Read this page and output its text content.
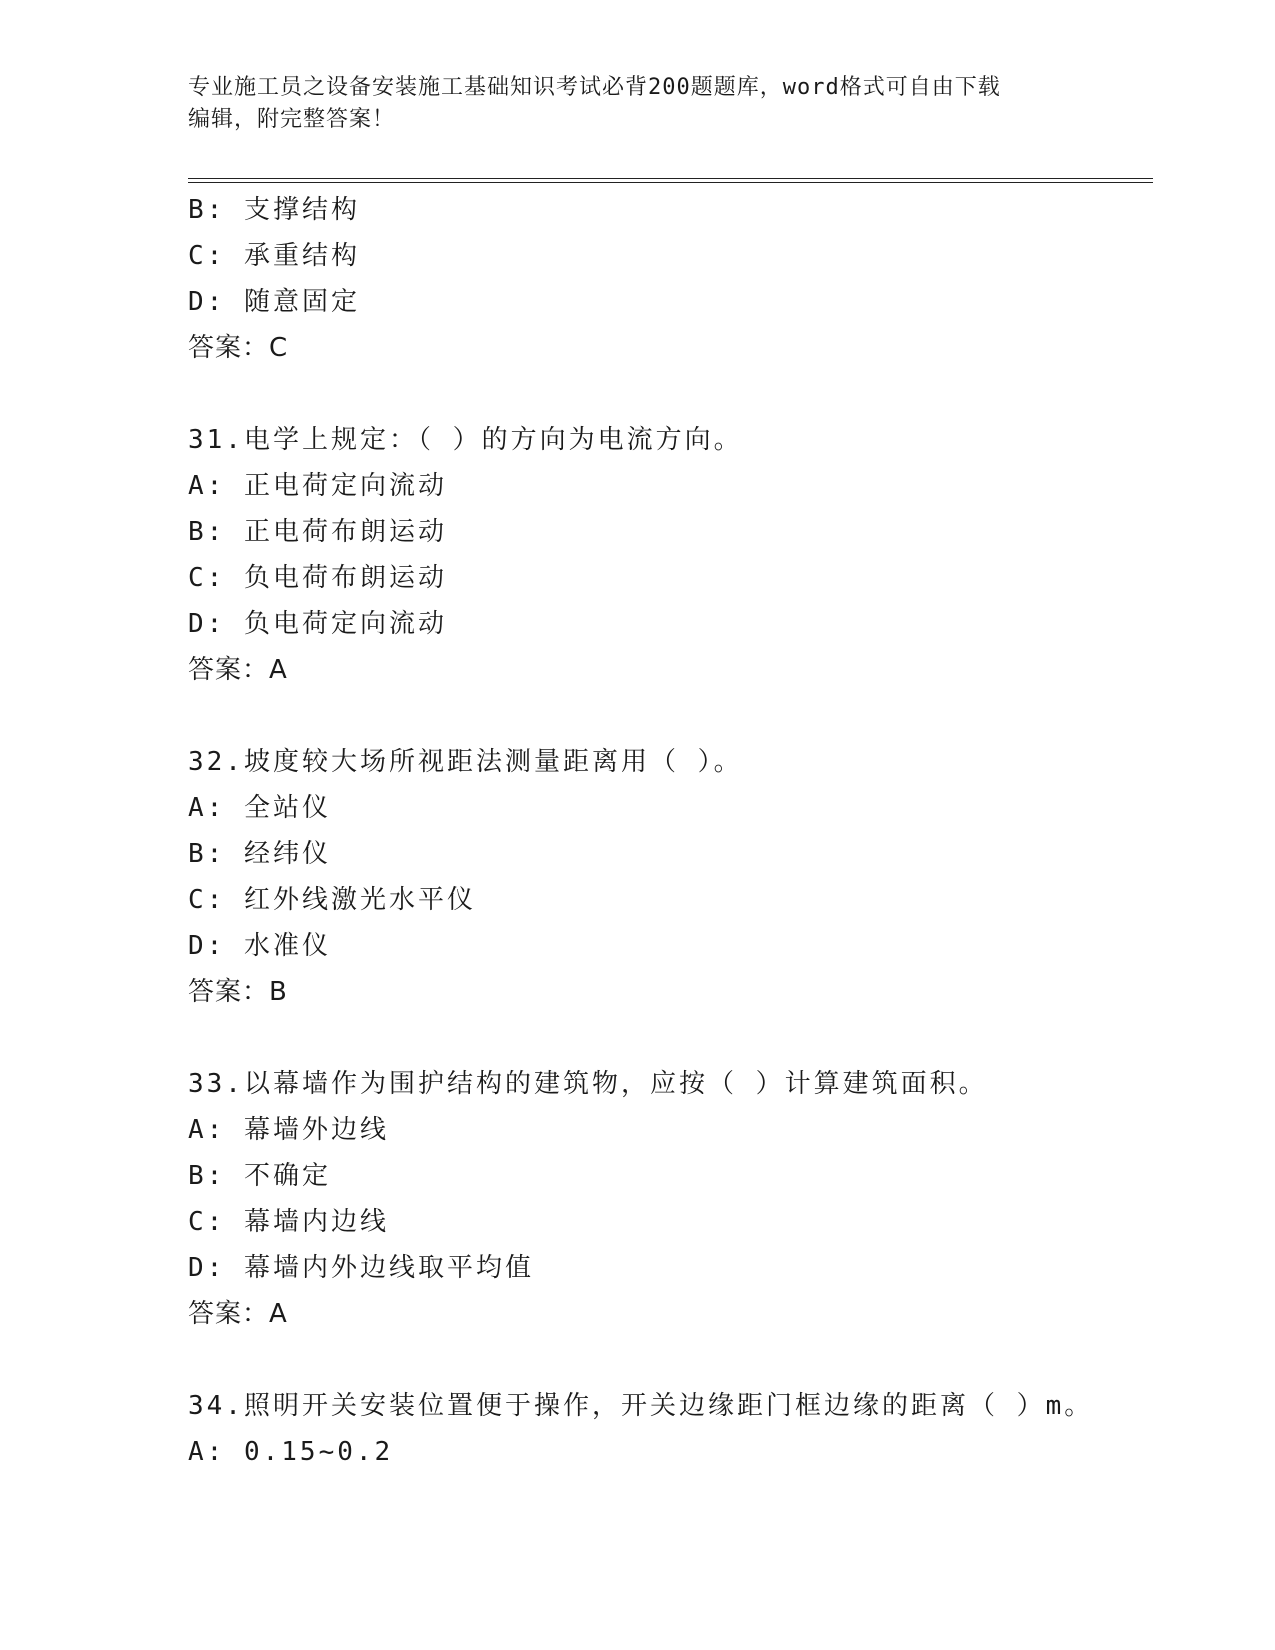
专业施工员之设备安装施工基础知识考试必背200题题库，word格式可自由下载
编辑，附完整答案！
B: 支撑结构
C: 承重结构
D: 随意固定
答案：C
31.电学上规定：（ ）的方向为电流方向。
A: 正电荷定向流动
B: 正电荷布朗运动
C: 负电荷布朗运动
D: 负电荷定向流动
答案：A
32.坡度较大场所视距法测量距离用（ ）。
A: 全站仪
B: 经纬仪
C: 红外线激光水平仪
D: 水准仪
答案：B
33.以幕墙作为围护结构的建筑物，应按（ ）计算建筑面积。
A: 幕墙外边线
B: 不确定
C: 幕墙内边线
D: 幕墙内外边线取平均值
答案：A
34.照明开关安装位置便于操作，开关边缘距门框边缘的距离（ ）m。
A: 0.15~0.2
